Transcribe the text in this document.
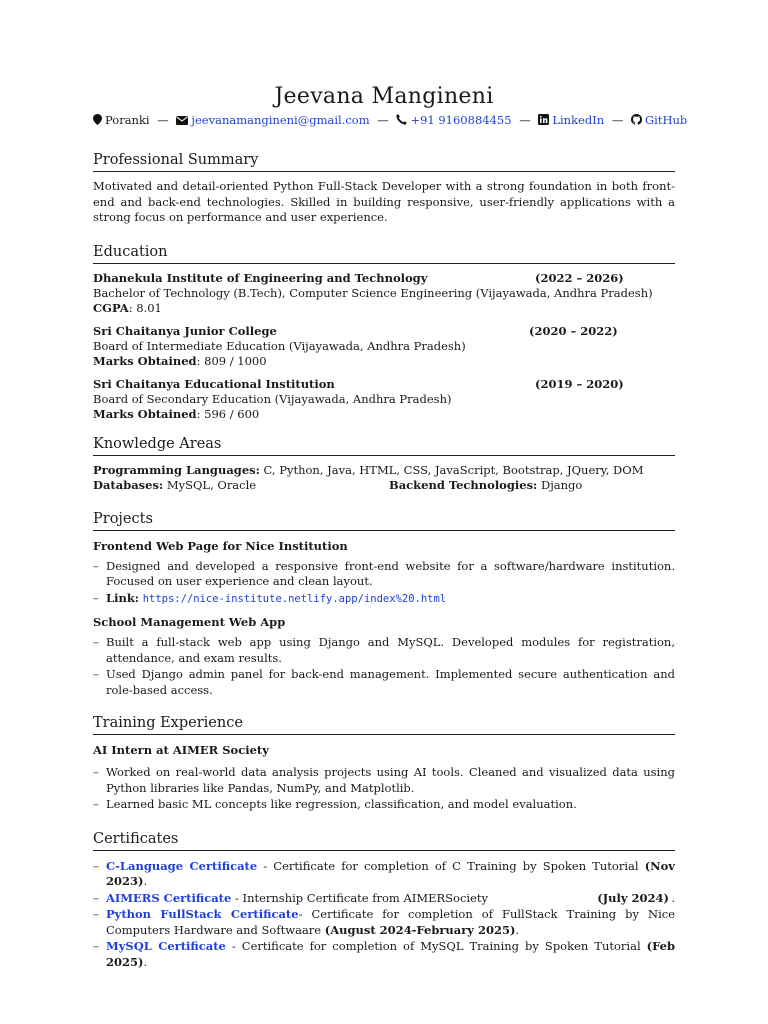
Jeevana Mangineni
Poranki — jeevanamangineni@gmail.com — +91 9160884455 — LinkedIn — GitHub
Professional Summary

Motivated and detail-oriented Python Full-Stack Developer with a strong foundation in both front-end and back-end technologies. Skilled in building responsive, user-friendly applications with a strong focus on performance and user experience.

Education
Dhanekula Institute of Engineering and Technology	(2022 – 2026)
Bachelor of Technology (B.Tech), Computer Science Engineering (Vijayawada, Andhra Pradesh)
CGPA: 8.01
Sri Chaitanya Junior College	(2020 – 2022)
Board of Intermediate Education (Vijayawada, Andhra Pradesh)
Marks Obtained: 809 / 1000
Sri Chaitanya Educational Institution	(2019 – 2020)
Board of Secondary Education (Vijayawada, Andhra Pradesh)
Marks Obtained: 596 / 600
Knowledge Areas
Programming Languages: C, Python, Java, HTML, CSS, JavaScript, Bootstrap, JQuery, DOM
Databases: MySQL, Oracle	Backend Technologies: Django
Projects
Frontend Web Page for Nice Institution
– Designed and developed a responsive front-end website for a software/hardware institution. Focused on user experience and clean layout.
– Link: https://nice-institute.netlify.app/index%20.html
School Management Web App
– Built a full-stack web app using Django and MySQL. Developed modules for registration, attendance, and exam results.
– Used Django admin panel for back-end management. Implemented secure authentication and role-based access.
Training Experience
AI Intern at AIMER Society
– Worked on real-world data analysis projects using AI tools. Cleaned and visualized data using Python libraries like Pandas, NumPy, and Matplotlib.
– Learned basic ML concepts like regression, classification, and model evaluation.
Certificates
– C-Language Certificate - Certificate for completion of C Training by Spoken Tutorial (Nov 2023).
– AIMERS Certificate - Internship Certificate from AIMERSociety	(July 2024) .
– Python FullStack Certificate- Certificate for completion of FullStack Training by Nice Computers Hardware and Softwaare (August 2024-February 2025).
– MySQL Certificate - Certificate for completion of MySQL Training by Spoken Tutorial (Feb 2025).
